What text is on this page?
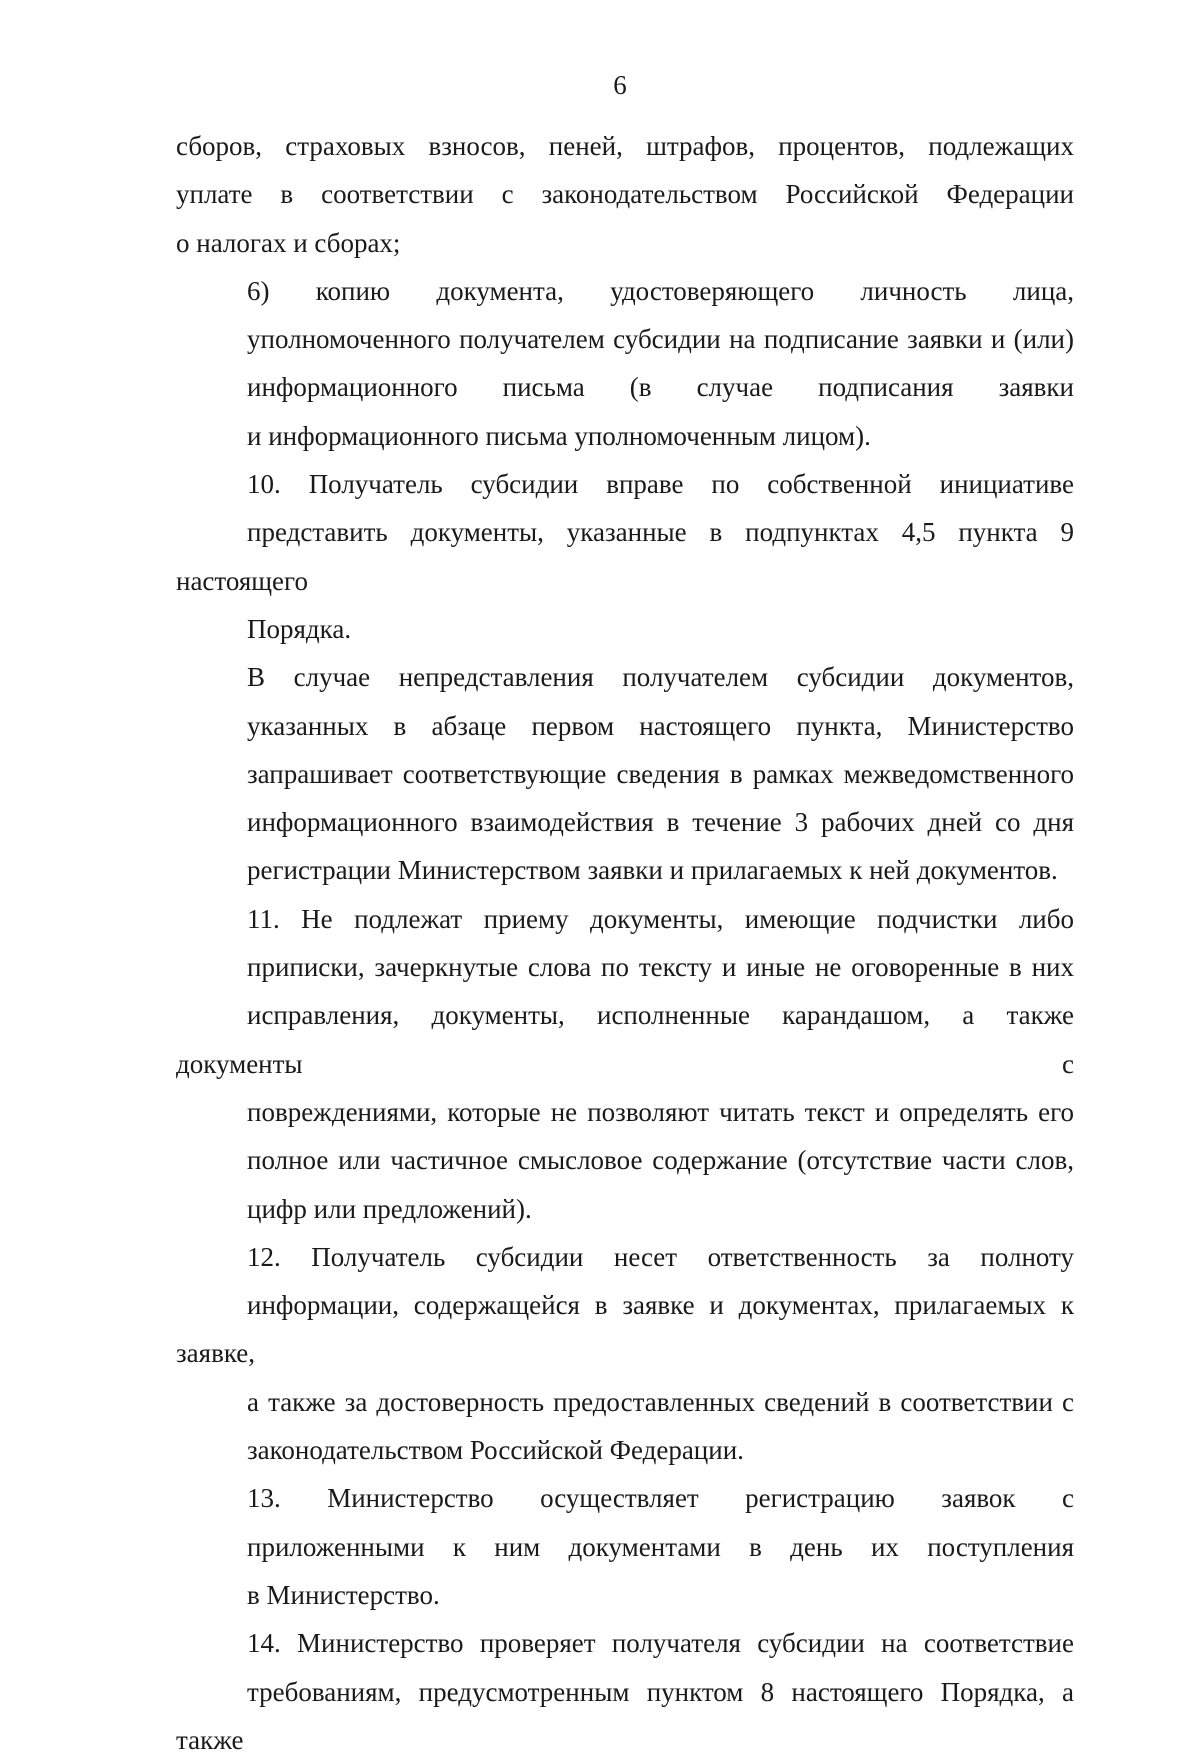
6

сборов, страховых взносов, пеней, штрафов, процентов, подлежащих
уплате в соответствии с законодательством Российской Федерации
о налогах и сборах;

6) копию документа, удостоверяющего личность лица,
уполномоченного получателем субсидии на подписание заявки и (или)
информационного письма (в случае подписания заявки
и информационного письма уполномоченным лицом).

10. Получатель субсидии вправе по собственной инициативе
представить документы, указанные в подпунктах 4,5 пункта 9 настоящего
Порядка.

В случае непредставления получателем субсидии документов,
указанных в абзаце первом настоящего пункта, Министерство
запрашивает соответствующие сведения в рамках межведомственного
информационного взаимодействия в течение 3 рабочих дней со дня
регистрации Министерством заявки и прилагаемых к ней документов.

11. Не подлежат приему документы, имеющие подчистки либо
приписки, зачеркнутые слова по тексту и иные не оговоренные в них
исправления, документы, исполненные карандашом, а также документы с
повреждениями, которые не позволяют читать текст и определять его
полное или частичное смысловое содержание (отсутствие части слов,
цифр или предложений).

12. Получатель субсидии несет ответственность за полноту
информации, содержащейся в заявке и документах, прилагаемых к заявке,
а также за достоверность предоставленных сведений в соответствии с
законодательством Российской Федерации.

13. Министерство осуществляет регистрацию заявок с
приложенными к ним документами в день их поступления
в Министерство.

14. Министерство проверяет получателя субсидии на соответствие
требованиям, предусмотренным пунктом 8 настоящего Порядка, а также
